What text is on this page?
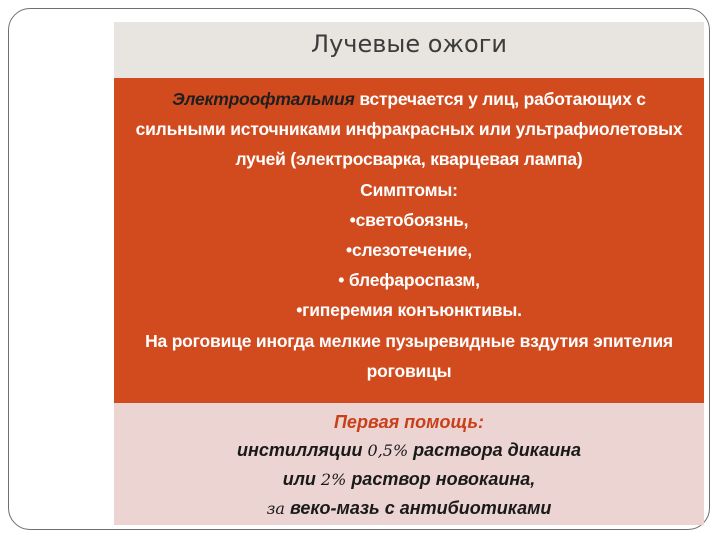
Лучевые ожоги
Электроофтальмия встречается у лиц, работающих с
сильными источниками инфракрасных или ультрафиолетовых
лучей (электросварка, кварцевая лампа)
Симптомы:
•светобоязнь,
•слезотечение,
• блефароспазм,
•гиперемия конъюнктивы.
На роговице иногда мелкие пузыревидные вздутия эпителия
роговицы
Первая помощь:
инстилляции 0,5% раствора дикаина
или 2% раствор новокаина,
за веко-мазь с антибиотиками
